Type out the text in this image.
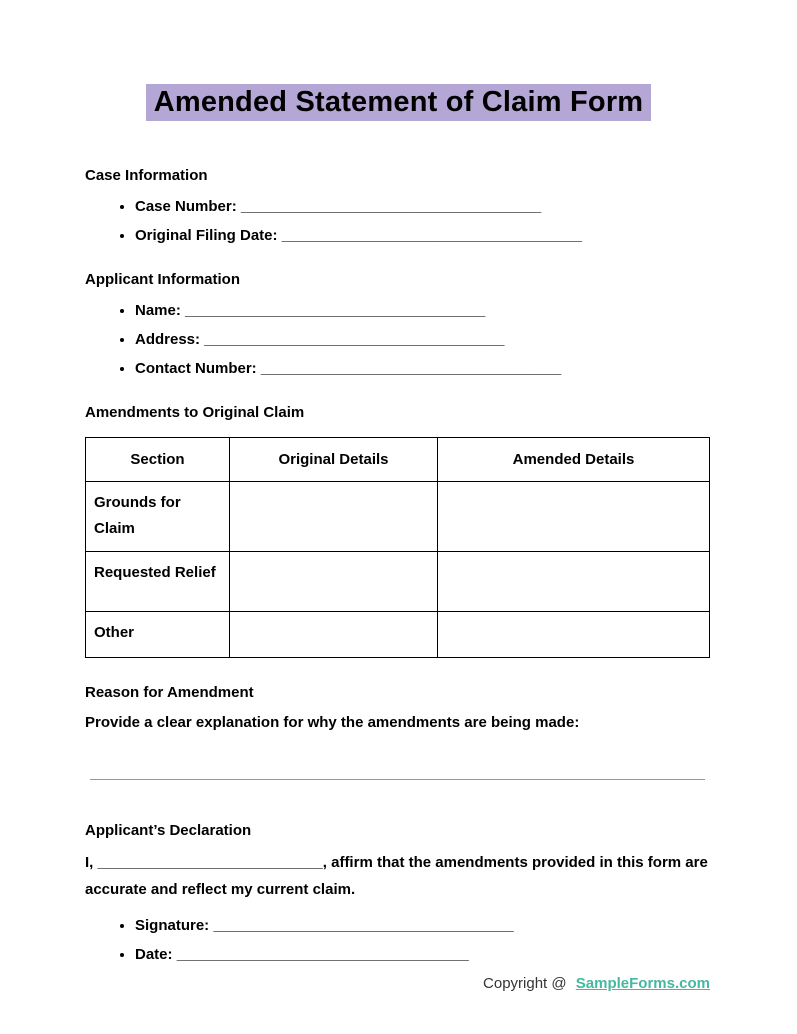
Amended Statement of Claim Form
Case Information
• Case Number: ____________________________________
• Original Filing Date: ____________________________________
Applicant Information
• Name: ____________________________________
• Address: ____________________________________
• Contact Number: ____________________________________
Amendments to Original Claim
Section	Original Details	Amended Details
Grounds for Claim		
Requested Relief		
Other		
Reason for Amendment

Provide a clear explanation for why the amendments are being made:

Applicant’s Declaration

I, ___________________________, affirm that the amendments provided in this form are accurate and reflect my current claim.

• Signature: ____________________________________
• Date: ___________________________________
Copyright @ SampleForms.com
